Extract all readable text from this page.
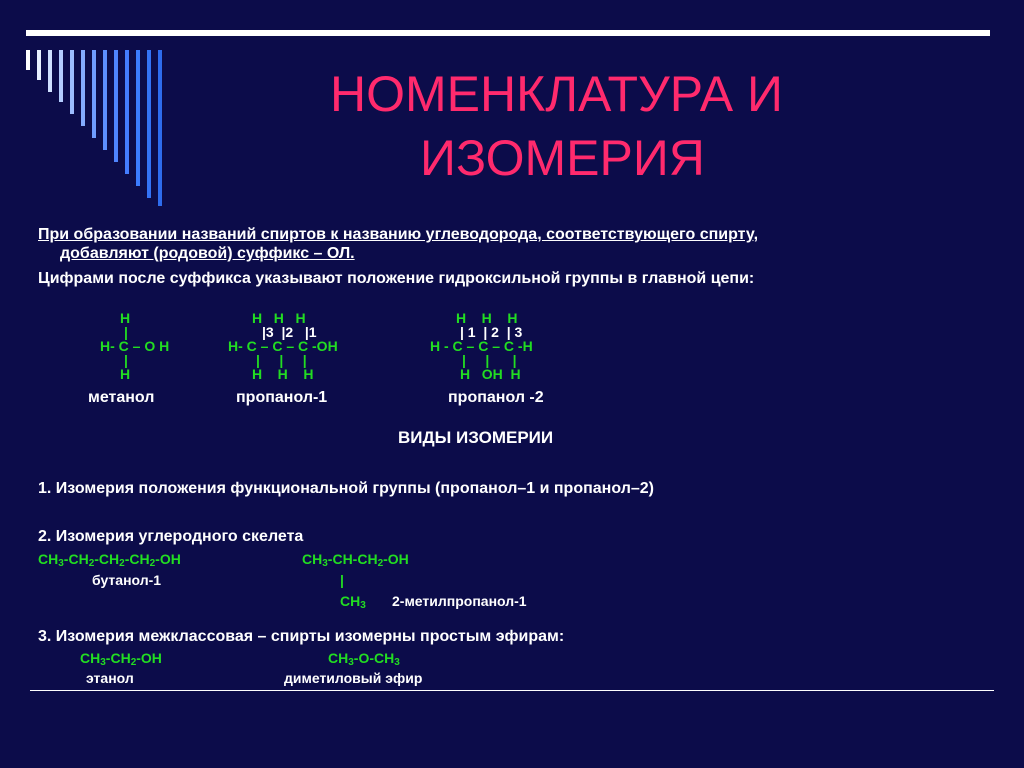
НОМЕНКЛАТУРА И
ИЗОМЕРИЯ
При образовании названий спиртов к названию углеводорода, соответствующего спирту,
добавляют (родовой) суффикс – ОЛ.
Цифрами после суффикса указывают положение гидроксильной группы в главной цепи:
H
|
H- C – O H
|
H
метанол
H   H   H
|3  |2   |1
H- C – C – C -OH
|     |     |
H    H    H
пропанол-1
H    H    H
| 1  | 2  | 3
H - C – C – C -H
|     |      |
H   OH  H
пропанол -2
ВИДЫ ИЗОМЕРИИ
1. Изомерия положения функциональной группы (пропанол–1 и пропанол–2)
2. Изомерия углеродного скелета
$CH_3-CH_2-CH_2-CH_2-OH$
бутанол-1
$CH_3-CH-CH_2-OH$
|
$CH_3$ 2-метилпропанол-1
3. Изомерия межклассовая – спирты изомерны простым эфирам:
$CH_3-CH_2-OH$
этанол
$CH_3-O-CH_3$
диметиловый эфир
